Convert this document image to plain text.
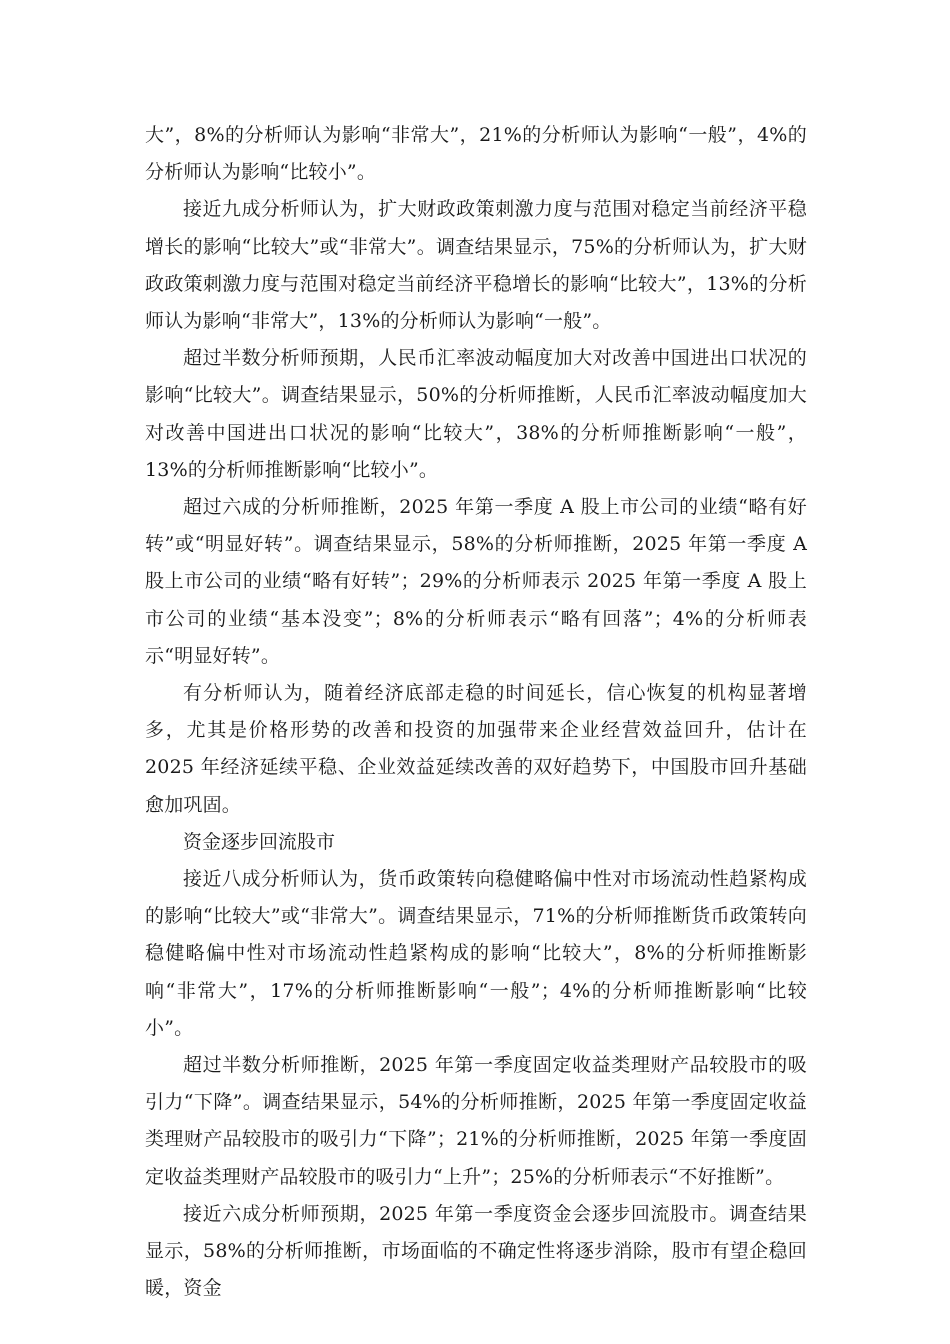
大”，8%的分析师认为影响“非常大”，21%的分析师认为影响“一般”，4%的分析师认为影响“比较小”。

接近九成分析师认为，扩大财政政策刺激力度与范围对稳定当前经济平稳增长的影响“比较大”或“非常大”。调查结果显示，75%的分析师认为，扩大财政政策刺激力度与范围对稳定当前经济平稳增长的影响“比较大”，13%的分析师认为影响“非常大”，13%的分析师认为影响“一般”。

超过半数分析师预期，人民币汇率波动幅度加大对改善中国进出口状况的影响“比较大”。调查结果显示，50%的分析师推断，人民币汇率波动幅度加大对改善中国进出口状况的影响“比较大”，38%的分析师推断影响“一般”，13%的分析师推断影响“比较小”。

超过六成的分析师推断，2025 年第一季度 A 股上市公司的业绩“略有好转”或“明显好转”。调查结果显示，58%的分析师推断，2025 年第一季度 A 股上市公司的业绩“略有好转”；29%的分析师表示 2025 年第一季度 A 股上市公司的业绩“基本没变”；8%的分析师表示“略有回落”；4%的分析师表示“明显好转”。

有分析师认为，随着经济底部走稳的时间延长，信心恢复的机构显著增多，尤其是价格形势的改善和投资的加强带来企业经营效益回升，估计在 2025 年经济延续平稳、企业效益延续改善的双好趋势下，中国股市回升基础愈加巩固。

资金逐步回流股市

接近八成分析师认为，货币政策转向稳健略偏中性对市场流动性趋紧构成的影响“比较大”或“非常大”。调查结果显示，71%的分析师推断货币政策转向稳健略偏中性对市场流动性趋紧构成的影响“比较大”，8%的分析师推断影响“非常大”，17%的分析师推断影响“一般”；4%的分析师推断影响“比较小”。

超过半数分析师推断，2025 年第一季度固定收益类理财产品较股市的吸引力“下降”。调查结果显示，54%的分析师推断，2025 年第一季度固定收益类理财产品较股市的吸引力“下降”；21%的分析师推断，2025 年第一季度固定收益类理财产品较股市的吸引力“上升”；25%的分析师表示“不好推断”。

接近六成分析师预期，2025 年第一季度资金会逐步回流股市。调查结果显示，58%的分析师推断，市场面临的不确定性将逐步消除，股市有望企稳回暖，资金
